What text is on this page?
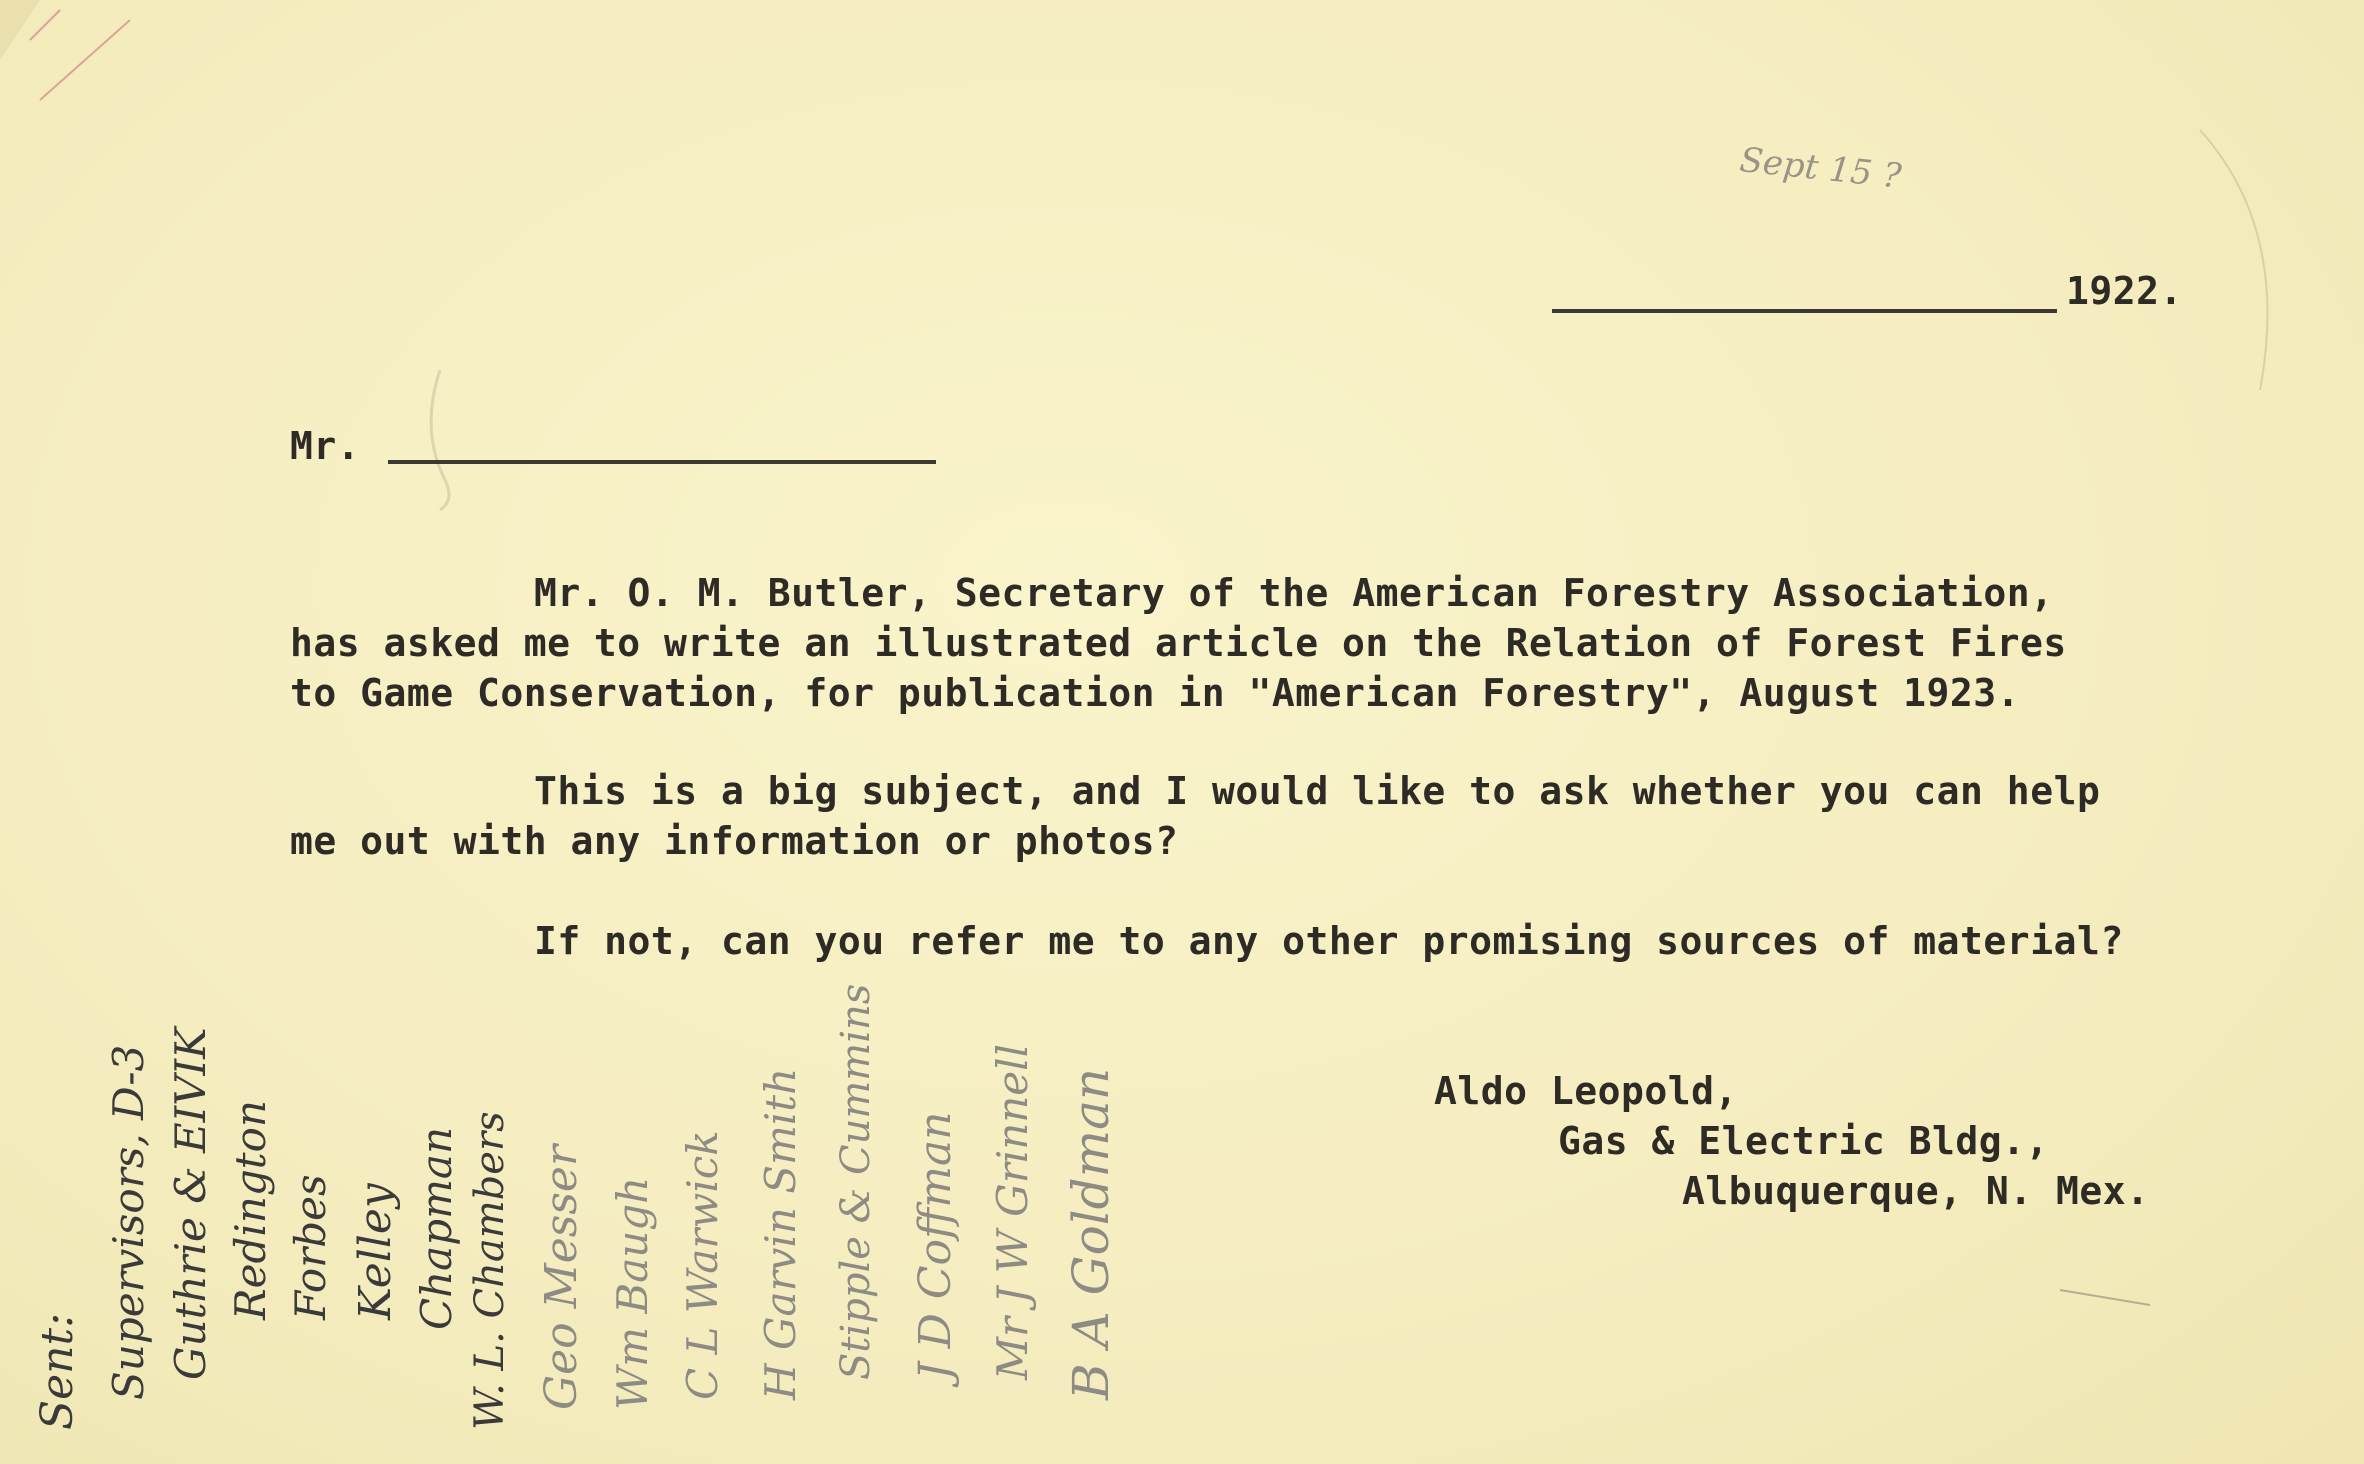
1922.
Sept 15 ?
Mr.
Mr. O. M. Butler, Secretary of the American Forestry Association,
has asked me to write an illustrated article on the Relation of Forest Fires
to Game Conservation, for publication in "American Forestry", August 1923.
This is a big subject, and I would like to ask whether you can help
me out with any information or photos?
If not, can you refer me to any other promising sources of material?
Aldo Leopold,
Gas & Electric Bldg.,
Albuquerque, N. Mex.
Sent: Supervisors, D-3 Guthrie & EIVIK Redington Forbes Kelley Chapman W. L. Chambers Geo Messer Wm Baugh C L Warwick H Garvin Smith Stipple & Cummins J D Coffman Mr J W Grinnell B A Goldman
